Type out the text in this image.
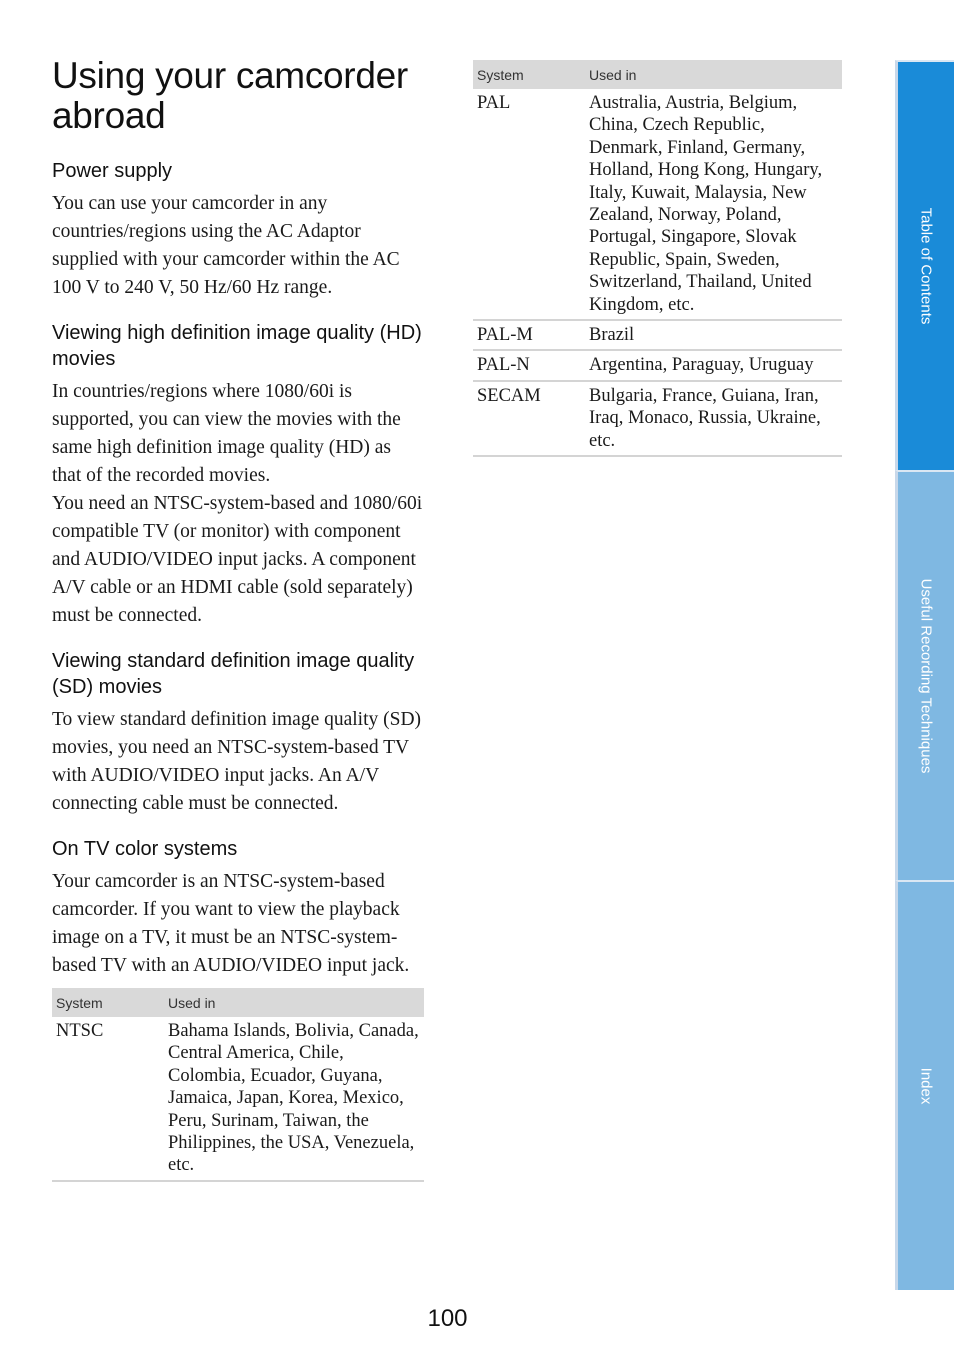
Using your camcorder abroad
Power supply

You can use your camcorder in any countries/regions using the AC Adaptor supplied with your camcorder within the AC 100 V to 240 V, 50 Hz/60 Hz range.

Viewing high definition image quality (HD) movies

In countries/regions where 1080/60i is supported, you can view the movies with the same high definition image quality (HD) as that of the recorded movies.

You need an NTSC-system-based and 1080/60i compatible TV (or monitor) with component and AUDIO/VIDEO input jacks. A component A/V cable or an HDMI cable (sold separately) must be connected.

Viewing standard definition image quality (SD) movies

To view standard definition image quality (SD) movies, you need an NTSC-system-based TV with AUDIO/VIDEO input jacks. An A/V connecting cable must be connected.

On TV color systems

Your camcorder is an NTSC-system-based camcorder. If you want to view the playback image on a TV, it must be an NTSC-system-based TV with an AUDIO/VIDEO input jack.

System	Used in
NTSC	Bahama Islands, Bolivia, Canada, Central America, Chile, Colombia, Ecuador, Guyana, Jamaica, Japan, Korea, Mexico, Peru, Surinam, Taiwan, the Philippines, the USA, Venezuela, etc.
System	Used in
PAL	Australia, Austria, Belgium, China, Czech Republic, Denmark, Finland, Germany, Holland, Hong Kong, Hungary, Italy, Kuwait, Malaysia, New Zealand, Norway, Poland, Portugal, Singapore, Slovak Republic, Spain, Sweden, Switzerland, Thailand, United Kingdom, etc.
PAL-M	Brazil
PAL-N	Argentina, Paraguay, Uruguay
SECAM	Bulgaria, France, Guiana, Iran, Iraq, Monaco, Russia, Ukraine, etc.
Table of Contents
Useful Recording Techniques
Index
100
